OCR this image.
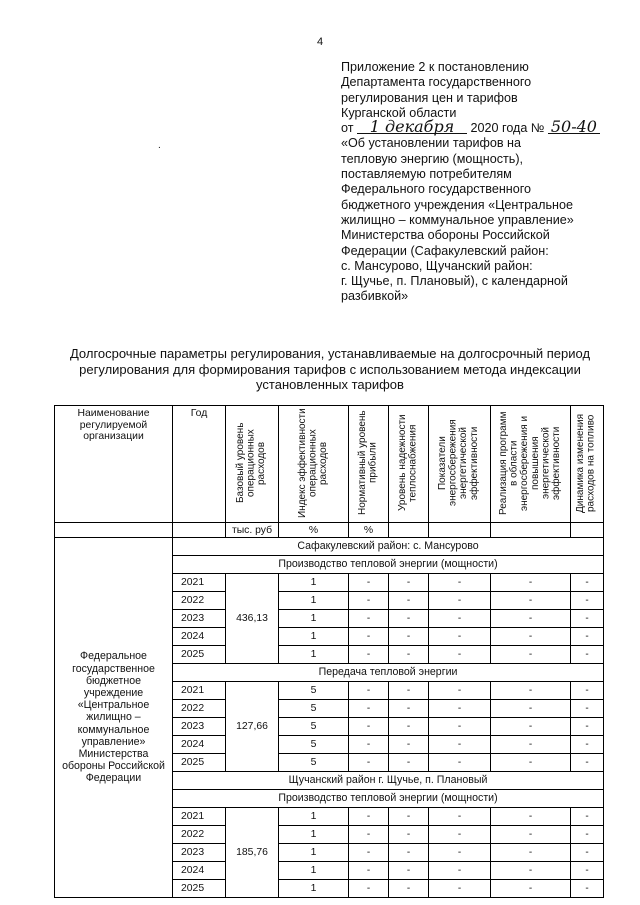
4
.
Приложение 2 к постановлению
Департамента государственного
регулирования цен и тарифов
Курганской области
от 1 декабря 2020 года № 50-40
«Об установлении тарифов на
тепловую энергию (мощность),
поставляемую потребителям
Федерального государственного
бюджетного учреждения «Центральное
жилищно – коммунальное управление»
Министерства обороны Российской
Федерации (Сафакулевский район:
с. Мансурово, Щучанский район:
г. Щучье, п. Плановый), с календарной
разбивкой»
Долгосрочные параметры регулирования, устанавливаемые на долгосрочный период
регулирования для формирования тарифов с использованием метода индексации
установленных тарифов
Наименование регулируемой организации	Год	Базовый уровень операционных расходов	Индекс эффективности операционных расходов	Нормативный уровень прибыли	Уровень надежности теплоснабжения	Показатели энергосбережения энергетической эффективности	Реализация программ в области энергосбережения и повышения энергетической эффективности	Динамика изменения расходов на топливо
		тыс. руб	%	%				
Федеральное государственное бюджетное учреждение «Центральное жилищно – коммунальное управление» Министерства обороны Российской Федерации	Сафакулевский район: с. Мансурово							
	Производство тепловой энергии (мощности)							
	2021	436,13	1	-	-	-	-	-
	2022		1	-	-	-	-	-
	2023		1	-	-	-	-	-
	2024		1	-	-	-	-	-
	2025		1	-	-	-	-	-
	Передача тепловой энергии							
	2021	127,66	5	-	-	-	-	-
	2022		5	-	-	-	-	-
	2023		5	-	-	-	-	-
	2024		5	-	-	-	-	-
	2025		5	-	-	-	-	-
	Щучанский район г. Щучье, п. Плановый							
	Производство тепловой энергии (мощности)							
	2021	185,76	1	-	-	-	-	-
	2022		1	-	-	-	-	-
	2023		1	-	-	-	-	-
	2024		1	-	-	-	-	-
	2025		1	-	-	-	-	-
